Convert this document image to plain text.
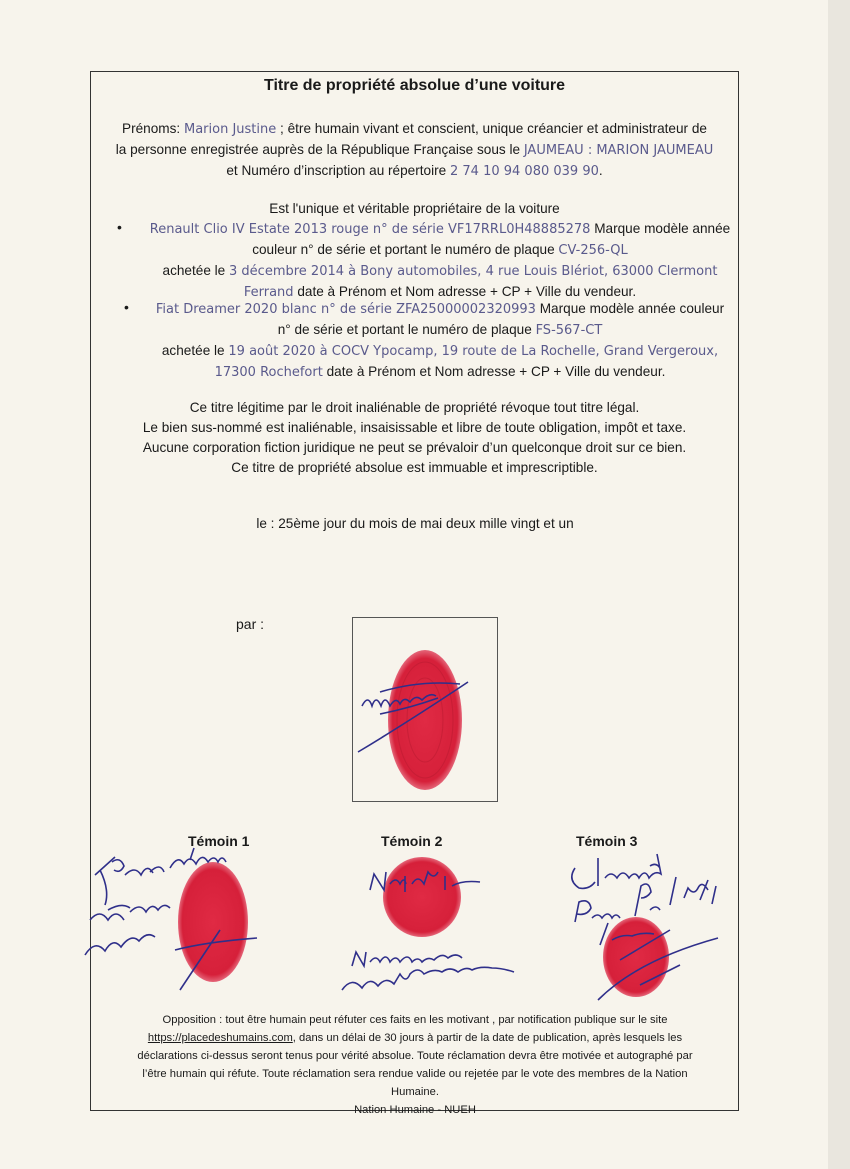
Titre de propriété absolue d’une voiture
Prénoms: Marion Justine ; être humain vivant et conscient, unique créancier et administrateur de
la personne enregistrée auprès de la République Française sous le JAUMEAU : MARION JAUMEAU
et Numéro d’inscription au répertoire 2 74 10 94 080 039 90.
Est l'unique et véritable propriétaire de la voiture
•	Renault Clio IV Estate 2013 rouge n° de série VF17RRL0H48885278 Marque modèle année
couleur n° de série et portant le numéro de plaque CV-256-QL
achetée le 3 décembre 2014 à Bony automobiles, 4 rue Louis Blériot, 63000 Clermont
Ferrand date à Prénom et Nom adresse + CP + Ville du vendeur.
•	Fiat Dreamer 2020 blanc n° de série ZFA25000002320993 Marque modèle année couleur
n° de série et portant le numéro de plaque FS-567-CT
achetée le 19 août 2020 à COCV Ypocamp, 19 route de La Rochelle, Grand Vergeroux,
17300 Rochefort date à Prénom et Nom adresse + CP + Ville du vendeur.
Ce titre légitime par le droit inaliénable de propriété révoque tout titre légal.
Le bien sus-nommé est inaliénable, insaisissable et libre de toute obligation, impôt et taxe.
Aucune corporation fiction juridique ne peut se prévaloir d’un quelconque droit sur ce bien.
Ce titre de propriété absolue est immuable et imprescriptible.
le : 25ème jour du mois de mai deux mille vingt et un
par :
Témoin 1	Témoin 2	Témoin 3
Opposition : tout être humain peut réfuter ces faits en les motivant , par notification publique sur le site
https://placedeshumains.com, dans un délai de 30 jours à partir de la date de publication, après lesquels les
déclarations ci-dessus seront tenus pour vérité absolue. Toute réclamation devra être motivée et autographé par
l’être humain qui réfute. Toute réclamation sera rendue valide ou rejetée par le vote des membres de la Nation
Humaine.
Nation Humaine - NUEH
